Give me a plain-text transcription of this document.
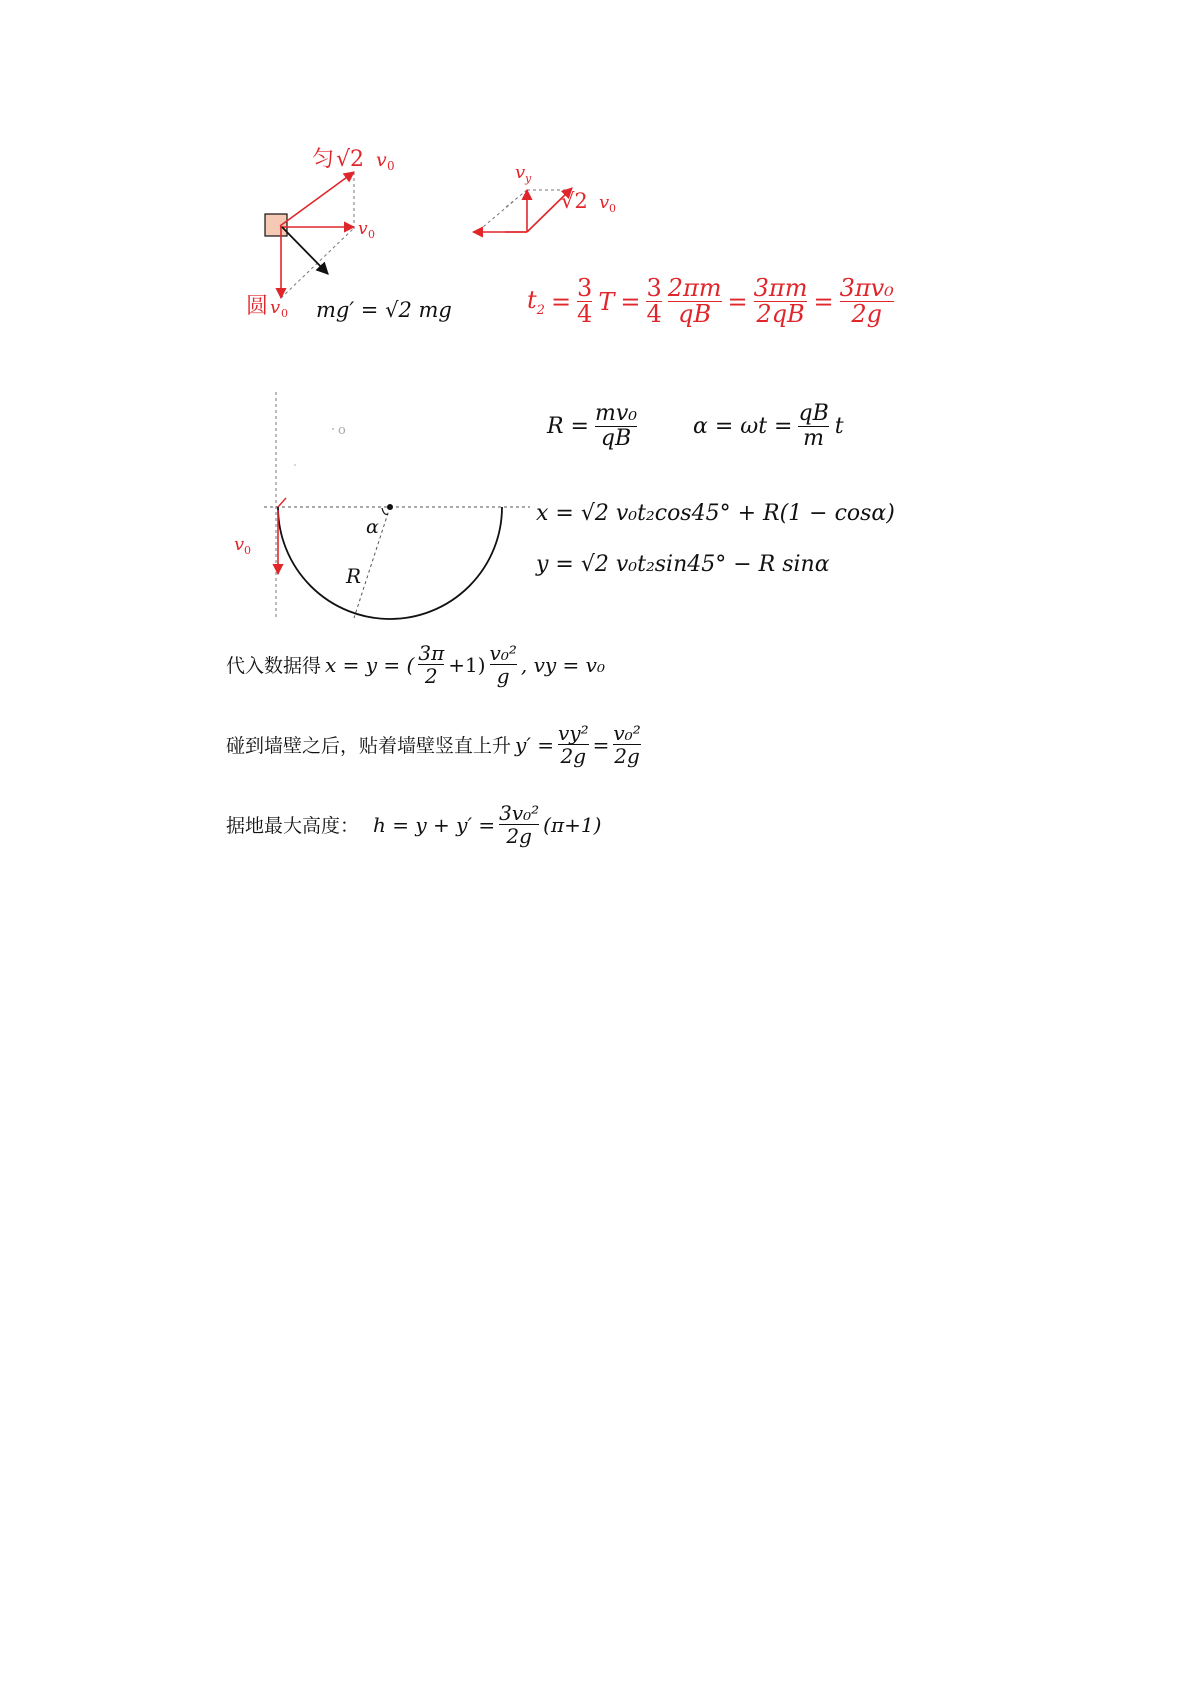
匀 √2 v 0
v 0
圆 v 0 mg′ = √2 mg
v y
√2 v 0
$t_2 = \frac{3}{4}$ $T = \frac{3}{4} \frac{2\pi m}{qB} = \frac{3\pi m}{2qB} = \frac{\text{3πv₀}}{2g}$
o
v 0
α
R
$R = \frac{\text{mv₀}}{qB}$	$\alpha = \omega t = \frac{qB}{m}$ t
x = √2 v₀t₂cos45° + R(1 − cosα)
y = √2 v₀t₂sin45° − R sinα
代入数据得 x = y = ( 3π
2 +1) v₀²
g , vy = v₀
碰到墙壁之后，贴着墙壁竖直上升 $y' = \frac{\text{vy²}}{2g} = \frac{\text{v₀²}}{2g}$
据地最大高度： $h = y + y' = \frac{\text{3v₀²}}{2g} (\pi+1)$
